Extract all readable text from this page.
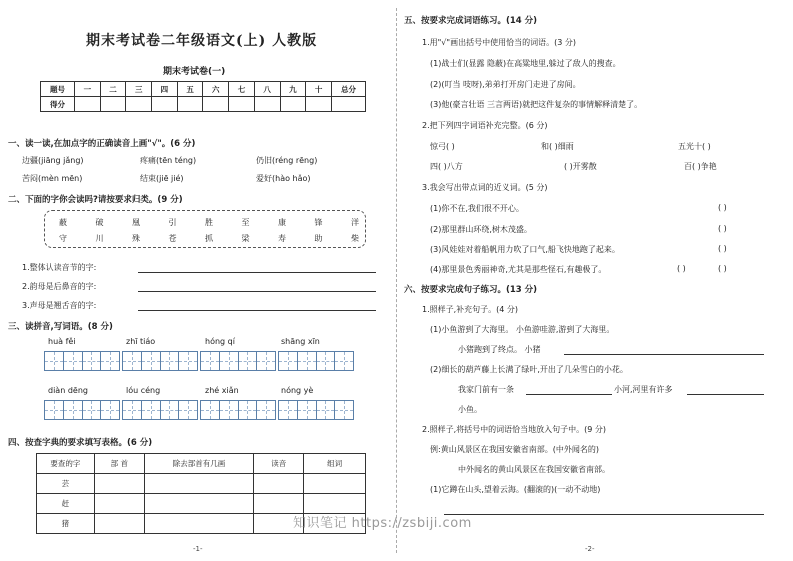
期末考试卷二年级语文(上) 人教版
期末考试卷(一)
题号	一	二	三	四	五	六	七	八	九	十	总分
得分											
一、读一读,在加点字的正确读音上画"√"。(6 分)
边疆(jiāng jǎng)	疼痛(tēn téng)	仍旧(réng rēng)
苦闷(mèn mēn)	结束(jiē jié)	爱好(hào hǎo)
二、下面的字你会读吗?请按要求归类。(9 分)
蔽	破	凰	引	胜	至	康	锋	洋
守	川	殊	苍	抓	梁	寿	助	柴
1.整体认读音节的字:
2.韵母是后鼻音的字:
3.声母是翘舌音的字:
三、读拼音,写词语。(8 分)
huà fěi	zhī tiáo	hóng qí	shāng xīn
diàn dēng	lóu céng	zhé xiǎn	nóng yè
四、按查字典的要求填写表格。(6 分)
要查的字	部 首	除去部首有几画	读音	组词
芸				
赶				
猪				
-1-
五、按要求完成词语练习。(14 分)
1.用"√"画出括号中使用恰当的词语。(3 分)
(1)战士们(显露 隐蔽)在高粱地里,躲过了敌人的搜查。
(2)(叮当 吱呀),弟弟打开房门走进了房间。
(3)他(豪言壮语 三言两语)就把这件复杂的事情解释清楚了。
2.把下列四字词语补充完整。(6 分)
惊弓( )	和( )细雨	五光十( )
四( )八方	( )开雾散	百( )争艳
3.我会写出带点词的近义词。(5 分)
(1)你不在,我们很不开心。	( )
(2)那里群山环绕,树木茂盛。	( )
(3)风娃娃对着船帆用力吹了口气,船飞快地跑了起来。	( )
(4)那里景色秀丽神奇,尤其是那些怪石,有趣极了。	( )	( )
六、按要求完成句子练习。(13 分)
1.照样子,补充句子。(4 分)
(1)小鱼游到了大海里。 小鱼游哇游,游到了大海里。
小猪跑到了终点。 小猪
(2)细长的葫芦藤上长满了绿叶,开出了几朵雪白的小花。
我家门前有一条	小河,河里有许多
小鱼。
2.照样子,将括号中的词语恰当地放入句子中。(9 分)
例:黄山风景区在我国安徽省南部。(中外闻名的)
中外闻名的黄山风景区在我国安徽省南部。
(1)它蹲在山头,望着云海。(翻滚的)(一动不动地)
-2-
知识笔记 https://zsbiji.com
